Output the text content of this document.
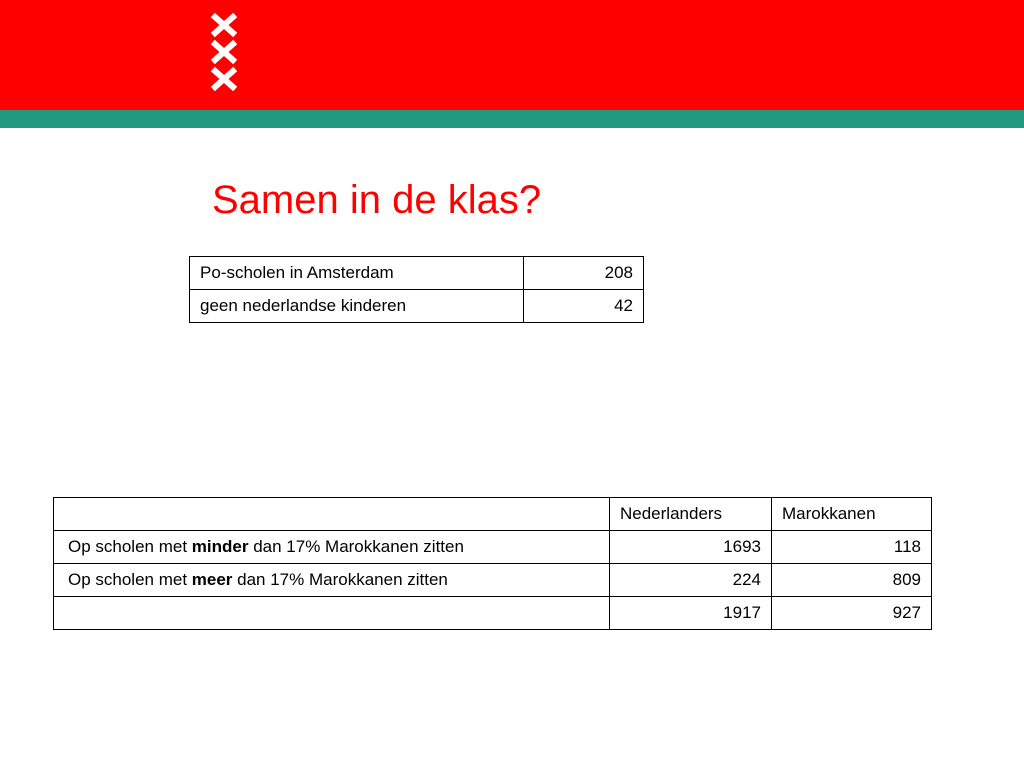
Samen in de klas?
Po-scholen in Amsterdam	208
geen nederlandse kinderen	42
	Nederlanders	Marokkanen
Op scholen met minder dan 17% Marokkanen zitten	1693	118
Op scholen met meer dan 17% Marokkanen zitten	224	809
	1917	927
